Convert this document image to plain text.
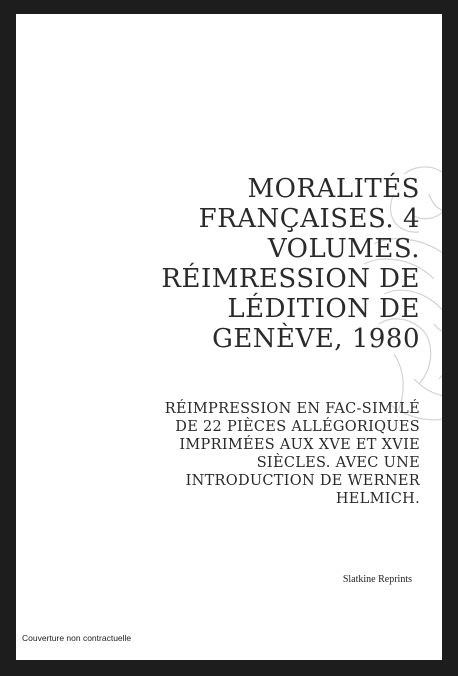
MORALITÉS
FRANÇAISES. 4
VOLUMES.
RÉIMRESSION DE
LÉDITION DE
GENÈVE, 1980
RÉIMPRESSION EN FAC-SIMILÉ
DE 22 PIÈCES ALLÉGORIQUES
IMPRIMÉES AUX XVE ET XVIE
SIÈCLES. AVEC UNE
INTRODUCTION DE WERNER
HELMICH.
Slatkine Reprints
Couverture non contractuelle
